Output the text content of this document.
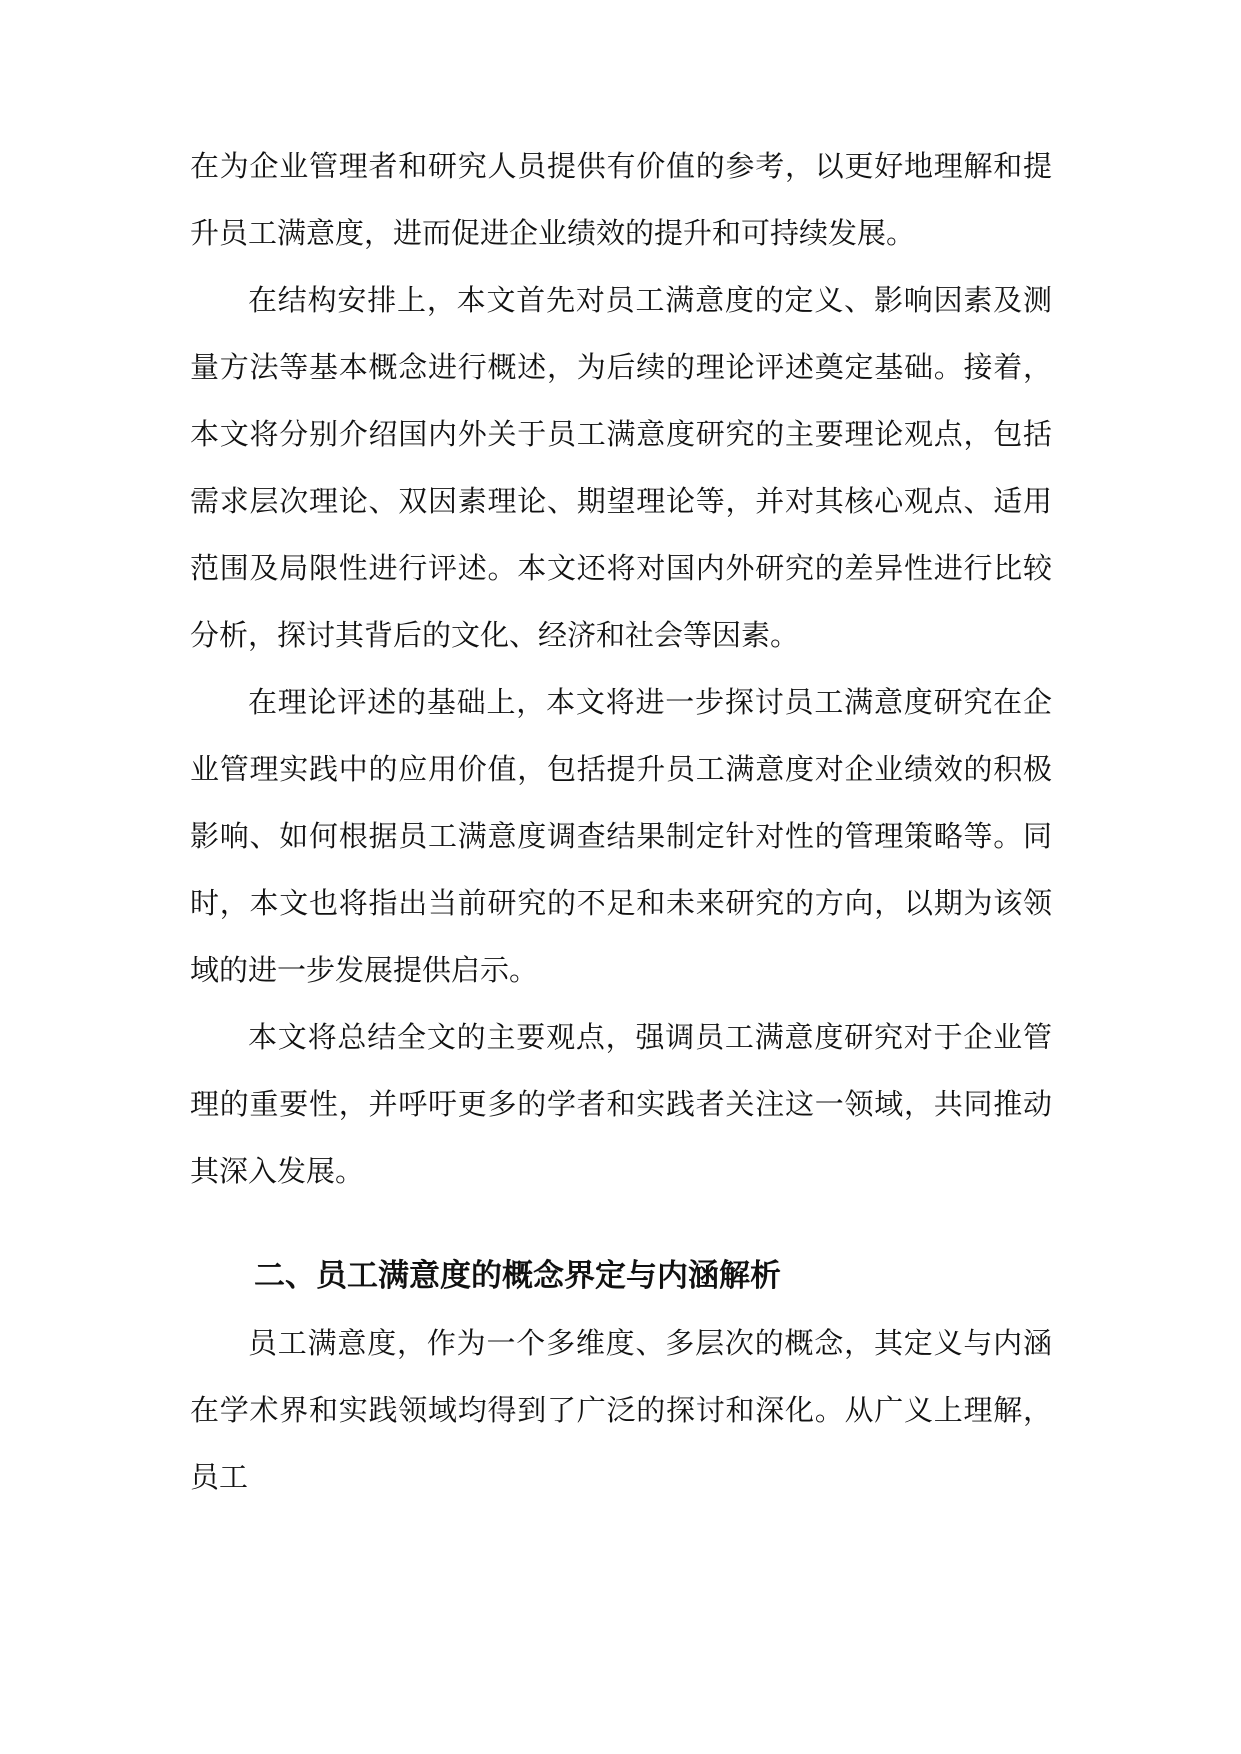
在为企业管理者和研究人员提供有价值的参考，以更好地理解和提升员工满意度，进而促进企业绩效的提升和可持续发展。

在结构安排上，本文首先对员工满意度的定义、影响因素及测量方法等基本概念进行概述，为后续的理论评述奠定基础。接着，本文将分别介绍国内外关于员工满意度研究的主要理论观点，包括需求层次理论、双因素理论、期望理论等，并对其核心观点、适用范围及局限性进行评述。本文还将对国内外研究的差异性进行比较分析，探讨其背后的文化、经济和社会等因素。

在理论评述的基础上，本文将进一步探讨员工满意度研究在企业管理实践中的应用价值，包括提升员工满意度对企业绩效的积极影响、如何根据员工满意度调查结果制定针对性的管理策略等。同时，本文也将指出当前研究的不足和未来研究的方向，以期为该领域的进一步发展提供启示。

本文将总结全文的主要观点，强调员工满意度研究对于企业管理的重要性，并呼吁更多的学者和实践者关注这一领域，共同推动其深入发展。

二、员工满意度的概念界定与内涵解析

员工满意度，作为一个多维度、多层次的概念，其定义与内涵在学术界和实践领域均得到了广泛的探讨和深化。从广义上理解，员工
